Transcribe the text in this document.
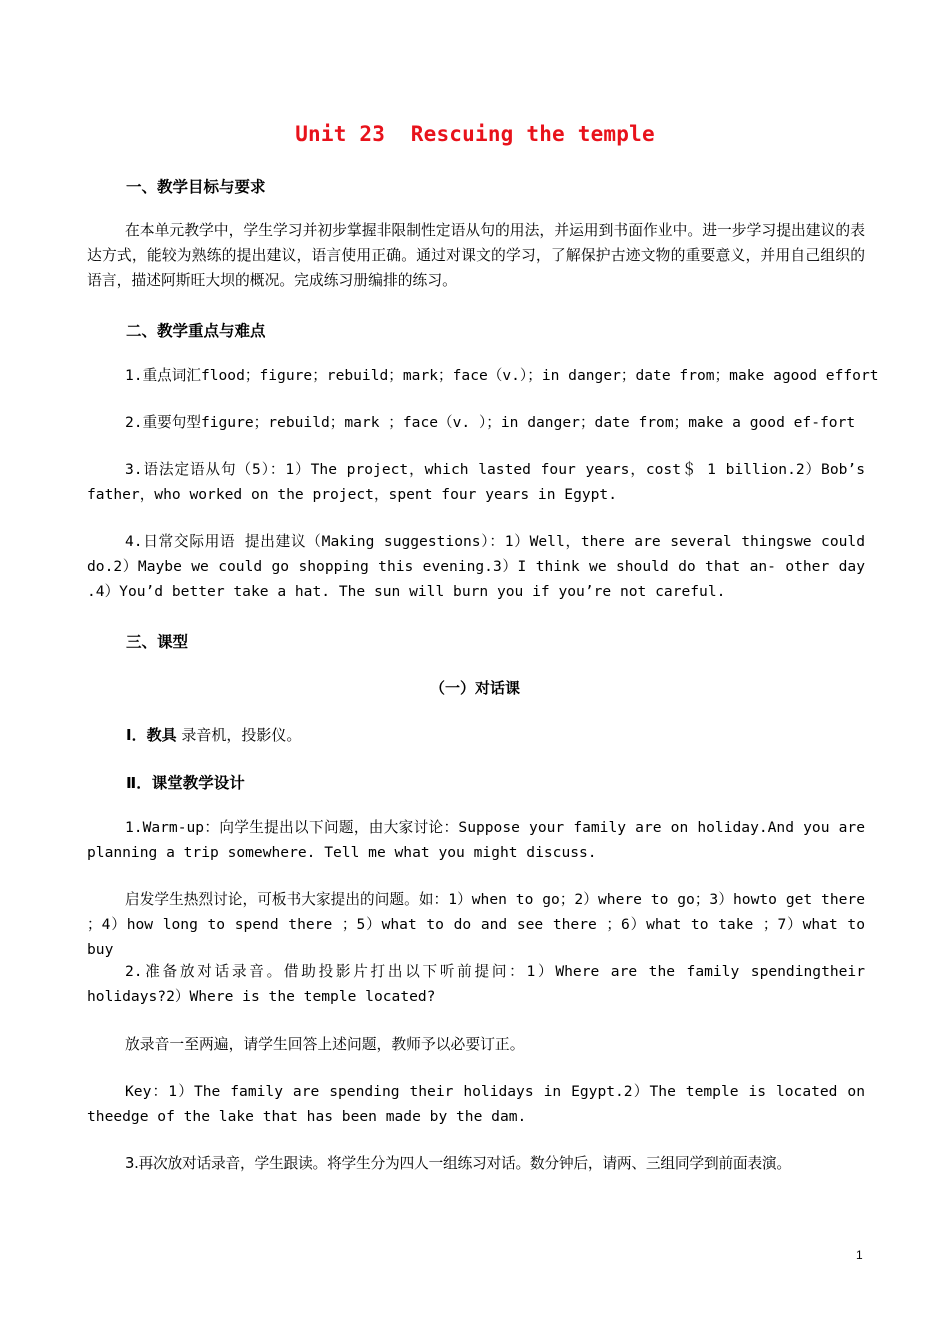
Unit 23  Rescuing the temple
一、教学目标与要求
在本单元教学中，学生学习并初步掌握非限制性定语从句的用法，并运用到书面作业中。进一步学习提出建议的表达方式，能较为熟练的提出建议，语言使用正确。通过对课文的学习，了解保护古迹文物的重要意义，并用自己组织的语言，描述阿斯旺大坝的概况。完成练习册编排的练习。
二、教学重点与难点
1.重点词汇flood；figure；rebuild；mark；face（v.）；in danger；date from；make agood effort
2.重要句型figure；rebuild；mark ；face（v. ）；in danger；date from；make a good ef-fort
3.语法定语从句（5）：1）The project，which lasted four years，cost＄ 1 billion.2）Bob’s father，who worked on the project，spent four years in Egypt.
4.日常交际用语 提出建议（Making suggestions）：1）Well，there are several thingswe could do.2）Maybe we could go shopping this evening.3）I think we should do that an- other day .4）You’d better take a hat. The sun will burn you if you’re not careful.
三、课型
（一）对话课
Ⅰ．教具 录音机，投影仪。
Ⅱ．课堂教学设计
1.Warm-up：向学生提出以下问题，由大家讨论：Suppose your family are on holiday.And you are planning a trip somewhere. Tell me what you might discuss.
启发学生热烈讨论，可板书大家提出的问题。如：1）when to go；2）where to go；3）howto get there ；4）how long to spend there ；5）what to do and see there ；6）what to take ；7）what to buy
2.准备放对话录音。借助投影片打出以下听前提问：1）Where are the family spendingtheir holidays?2）Where is the temple located?
放录音一至两遍，请学生回答上述问题，教师予以必要订正。
Key：1）The family are spending their holidays in Egypt.2）The temple is located on theedge of the lake that has been made by the dam.
3.再次放对话录音，学生跟读。将学生分为四人一组练习对话。数分钟后，请两、三组同学到前面表演。
1
